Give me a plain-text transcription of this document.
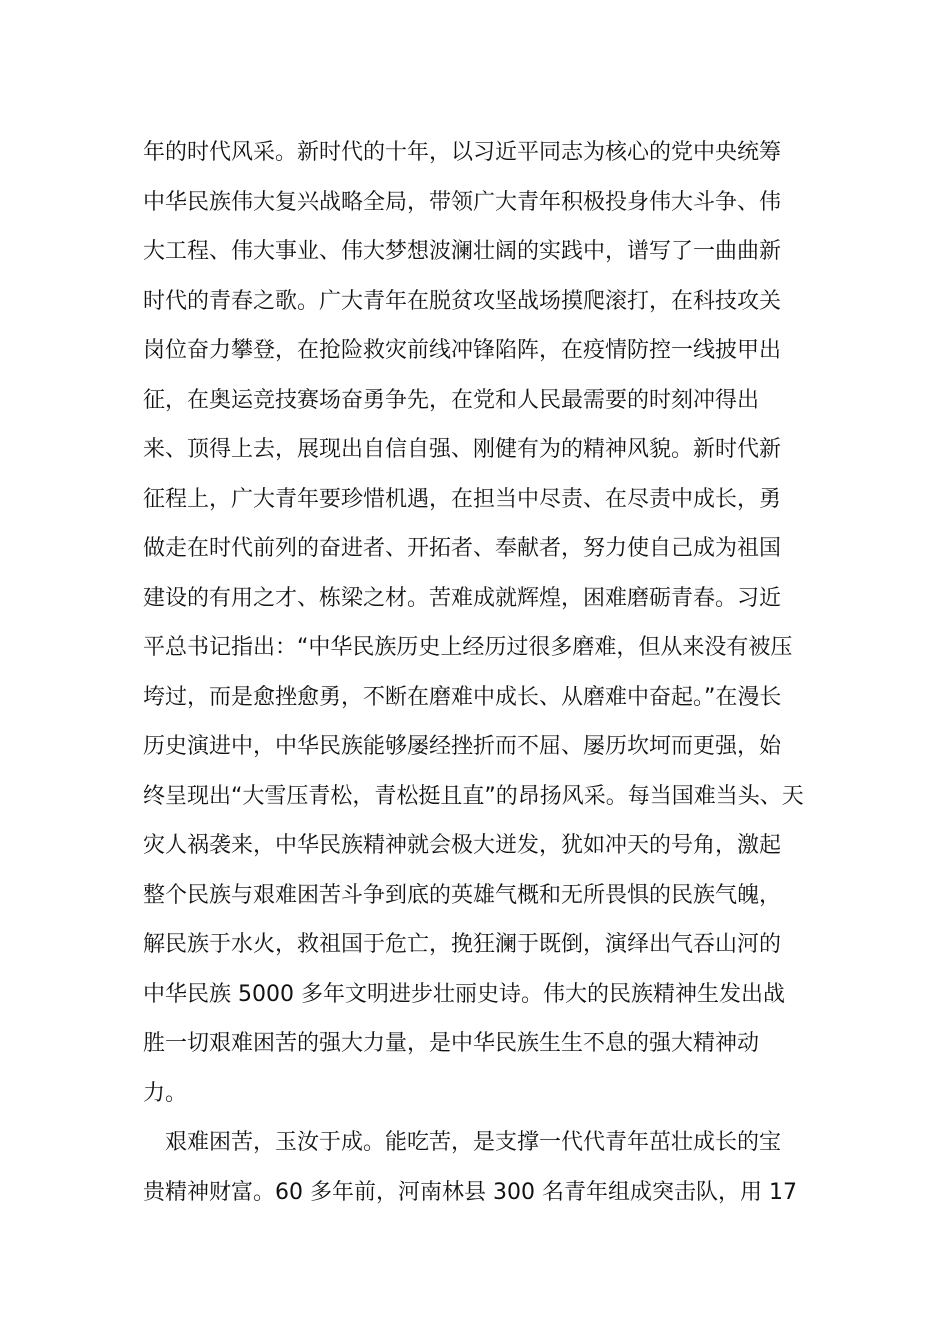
年的时代风采。新时代的十年，以习近平同志为核心的党中央统筹
中华民族伟大复兴战略全局，带领广大青年积极投身伟大斗争、伟
大工程、伟大事业、伟大梦想波澜壮阔的实践中，谱写了一曲曲新
时代的青春之歌。广大青年在脱贫攻坚战场摸爬滚打，在科技攻关
岗位奋力攀登，在抢险救灾前线冲锋陷阵，在疫情防控一线披甲出
征，在奥运竞技赛场奋勇争先，在党和人民最需要的时刻冲得出
来、顶得上去，展现出自信自强、刚健有为的精神风貌。新时代新
征程上，广大青年要珍惜机遇，在担当中尽责、在尽责中成长，勇
做走在时代前列的奋进者、开拓者、奉献者，努力使自己成为祖国
建设的有用之才、栋梁之材。苦难成就辉煌，困难磨砺青春。习近
平总书记指出：“中华民族历史上经历过很多磨难，但从来没有被压
垮过，而是愈挫愈勇，不断在磨难中成长、从磨难中奋起。”在漫长
历史演进中，中华民族能够屡经挫折而不屈、屡历坎坷而更强，始
终呈现出“大雪压青松，青松挺且直”的昂扬风采。每当国难当头、天
灾人祸袭来，中华民族精神就会极大迸发，犹如冲天的号角，激起
整个民族与艰难困苦斗争到底的英雄气概和无所畏惧的民族气魄，
解民族于水火，救祖国于危亡，挽狂澜于既倒，演绎出气吞山河的
中华民族 5000 多年文明进步壮丽史诗。伟大的民族精神生发出战
胜一切艰难困苦的强大力量，是中华民族生生不息的强大精神动
力。
　艰难困苦，玉汝于成。能吃苦，是支撑一代代青年茁壮成长的宝
贵精神财富。60 多年前，河南林县 300 名青年组成突击队，用 17
